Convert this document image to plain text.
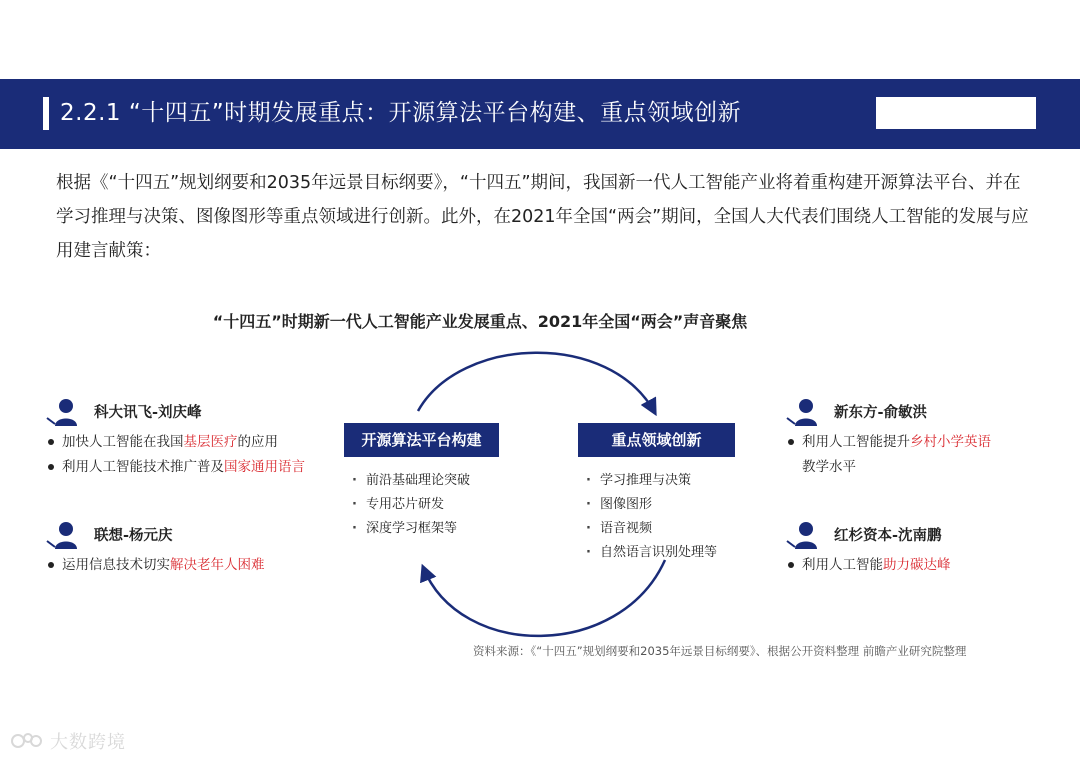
2.2.1 “十四五”时期发展重点：开源算法平台构建、重点领域创新

根据《“十四五”规划纲要和2035年远景目标纲要》，“十四五”期间，我国新一代人工智能产业将着重构建开源算法平台、并在学习推理与决策、图像图形等重点领域进行创新。此外，在2021年全国“两会”期间，全国人大代表们围绕人工智能的发展与应用建言献策：

“十四五”时期新一代人工智能产业发展重点、2021年全国“两会”声音聚焦
开源算法平台构建
· 前沿基础理论突破
· 专用芯片研发
· 深度学习框架等
重点领域创新
· 学习推理与决策
· 图像图形
· 语音视频
· 自然语言识别处理等
科大讯飞-刘庆峰
加快人工智能在我国基层医疗的应用
利用人工智能技术推广普及国家通用语言
联想-杨元庆
运用信息技术切实解决老年人困难
新东方-俞敏洪
利用人工智能提升乡村小学英语
教学水平
红杉资本-沈南鹏
利用人工智能助力碳达峰
资料来源：《“十四五”规划纲要和2035年远景目标纲要》、根据公开资料整理 前瞻产业研究院整理
大数跨境
